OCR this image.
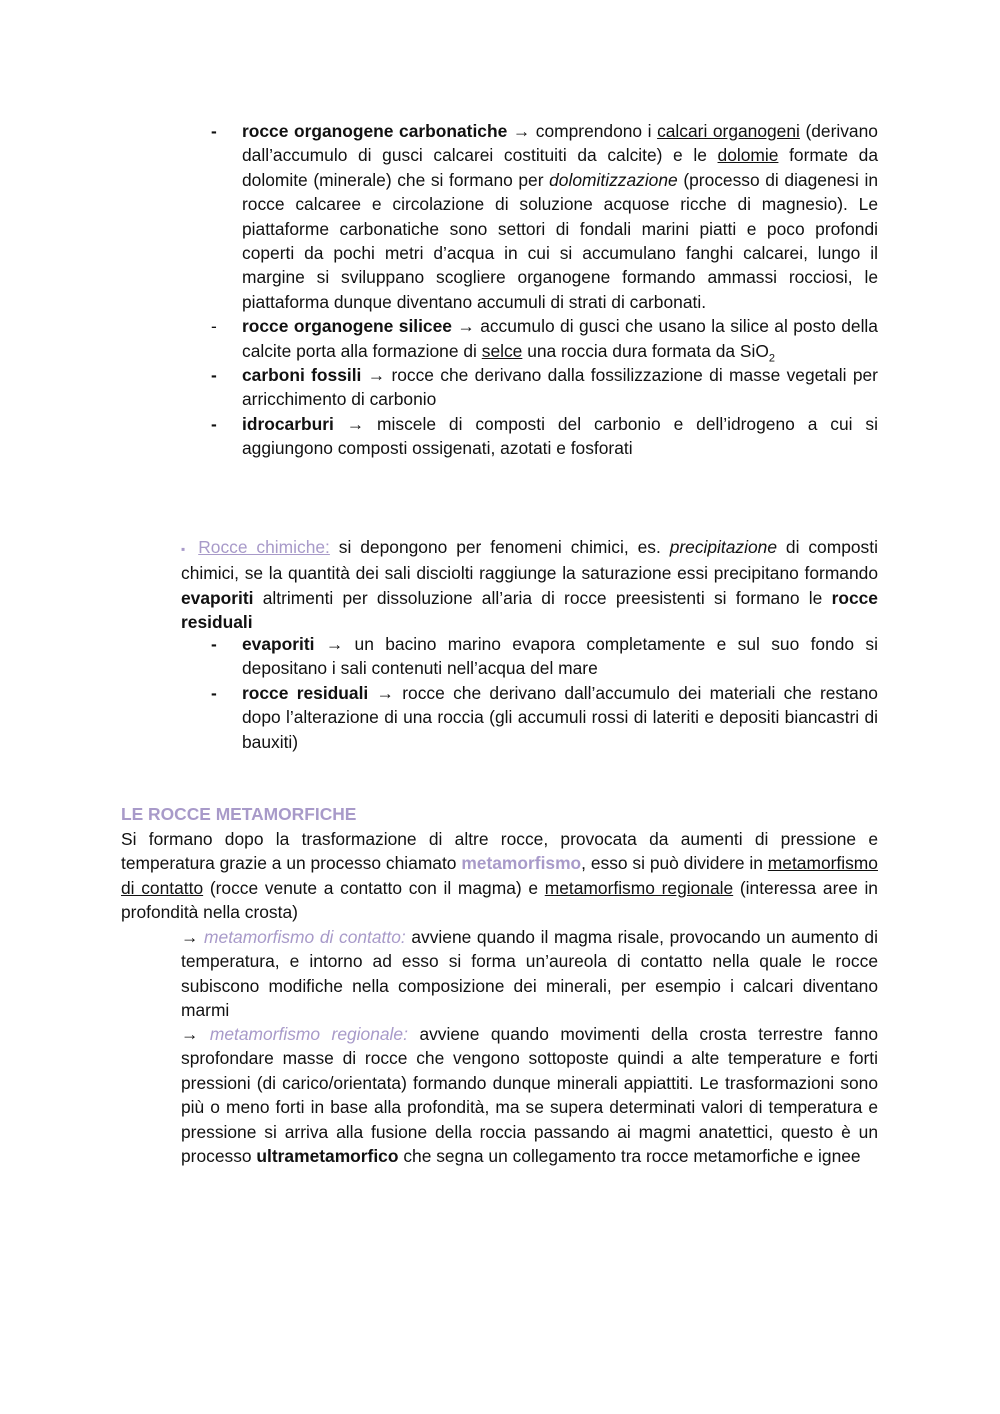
- rocce organogene carbonatiche → comprendono i calcari organogeni (derivano dall’accumulo di gusci calcarei costituiti da calcite) e le dolomie formate da dolomite (minerale) che si formano per dolomitizzazione (processo di diagenesi in rocce calcaree e circolazione di soluzione acquose ricche di magnesio). Le piattaforme carbonatiche sono settori di fondali marini piatti e poco profondi coperti da pochi metri d’acqua in cui si accumulano fanghi calcarei, lungo il margine si sviluppano scogliere organogene formando ammassi rocciosi, le piattaforma dunque diventano accumuli di strati di carbonati.
- rocce organogene silicee → accumulo di gusci che usano la silice al posto della calcite porta alla formazione di selce una roccia dura formata da SiO$_2$
- carboni fossili → rocce che derivano dalla fossilizzazione di masse vegetali per arricchimento di carbonio
- idrocarburi → miscele di composti del carbonio e dell’idrogeno a cui si aggiungono composti ossigenati, azotati e fosforati

▪ Rocce chimiche: si depongono per fenomeni chimici, es. precipitazione di composti chimici, se la quantità dei sali disciolti raggiunge la saturazione essi precipitano formando evaporiti altrimenti per dissoluzione all’aria di rocce preesistenti si formano le rocce residuali

- evaporiti → un bacino marino evapora completamente e sul suo fondo si depositano i sali contenuti nell’acqua del mare
- rocce residuali → rocce che derivano dall’accumulo dei materiali che restano dopo l’alterazione di una roccia (gli accumuli rossi di lateriti e depositi biancastri di bauxiti)
LE ROCCE METAMORFICHE

Si formano dopo la trasformazione di altre rocce, provocata da aumenti di pressione e temperatura grazie a un processo chiamato metamorfismo, esso si può dividere in metamorfismo di contatto (rocce venute a contatto con il magma) e metamorfismo regionale (interessa aree in profondità nella crosta)

→ metamorfismo di contatto: avviene quando il magma risale, provocando un aumento di temperatura, e intorno ad esso si forma un’aureola di contatto nella quale le rocce subiscono modifiche nella composizione dei minerali, per esempio i calcari diventano marmi

→ metamorfismo regionale: avviene quando movimenti della crosta terrestre fanno sprofondare masse di rocce che vengono sottoposte quindi a alte temperature e forti pressioni (di carico/orientata) formando dunque minerali appiattiti. Le trasformazioni sono più o meno forti in base alla profondità, ma se supera determinati valori di temperatura e pressione si arriva alla fusione della roccia passando ai magmi anatettici, questo è un processo ultrametamorfico che segna un collegamento tra rocce metamorfiche e ignee
